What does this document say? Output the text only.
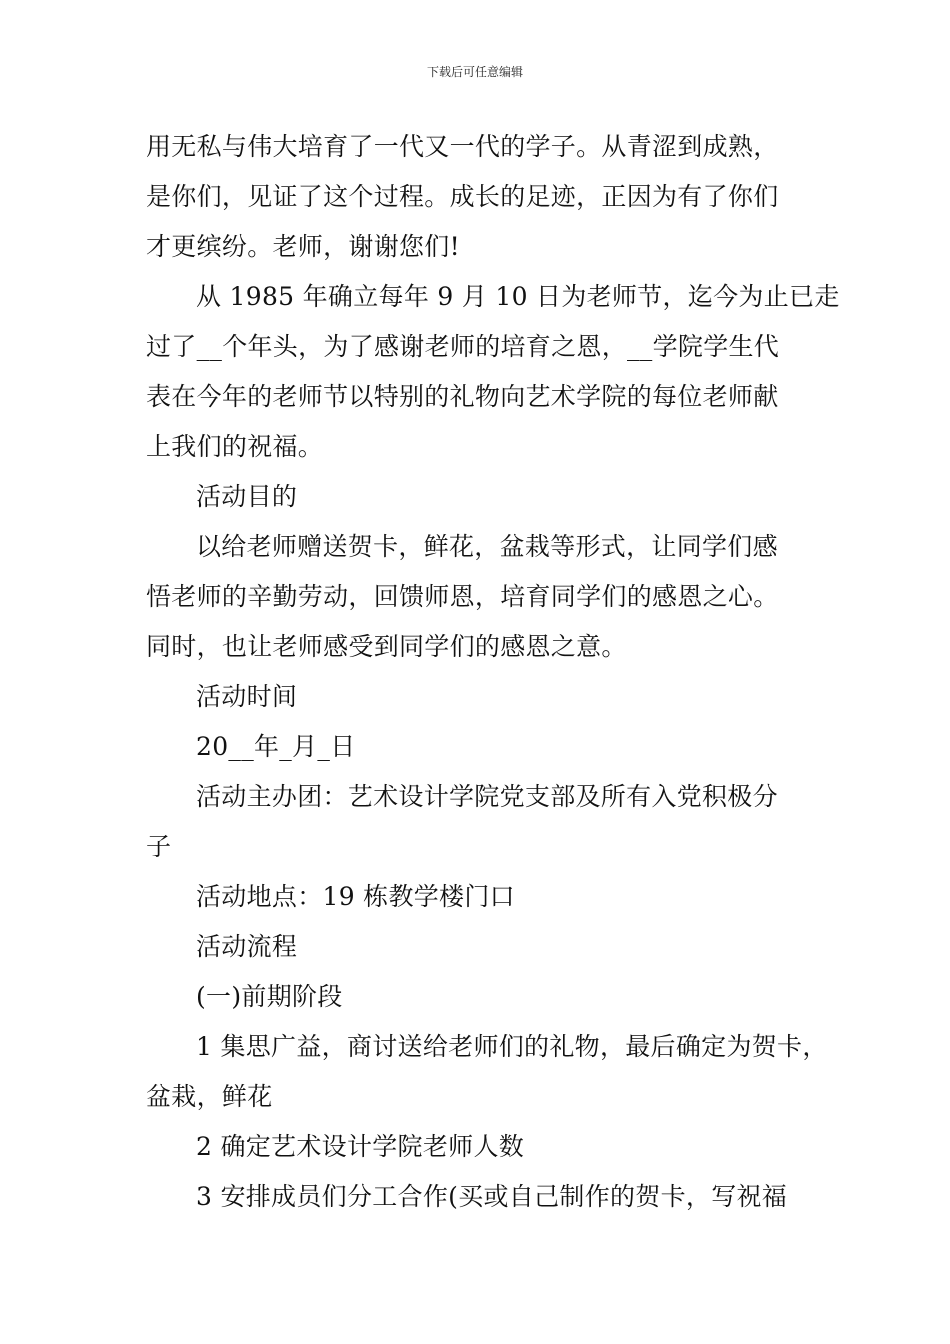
下载后可任意编辑
用无私与伟大培育了一代又一代的学子。从青涩到成熟，
是你们，见证了这个过程。成长的足迹，正因为有了你们
才更缤纷。老师，谢谢您们!
从 1985 年确立每年 9 月 10 日为老师节，迄今为止已走
过了__个年头，为了感谢老师的培育之恩，__学院学生代
表在今年的老师节以特别的礼物向艺术学院的每位老师献
上我们的祝福。
活动目的
以给老师赠送贺卡，鲜花，盆栽等形式，让同学们感
悟老师的辛勤劳动，回馈师恩，培育同学们的感恩之心。
同时，也让老师感受到同学们的感恩之意。
活动时间
20__年_月_日
活动主办团：艺术设计学院党支部及所有入党积极分
子
活动地点：19 栋教学楼门口
活动流程
(一)前期阶段
1 集思广益，商讨送给老师们的礼物，最后确定为贺卡，
盆栽，鲜花
2 确定艺术设计学院老师人数
3 安排成员们分工合作(买或自己制作的贺卡，写祝福
